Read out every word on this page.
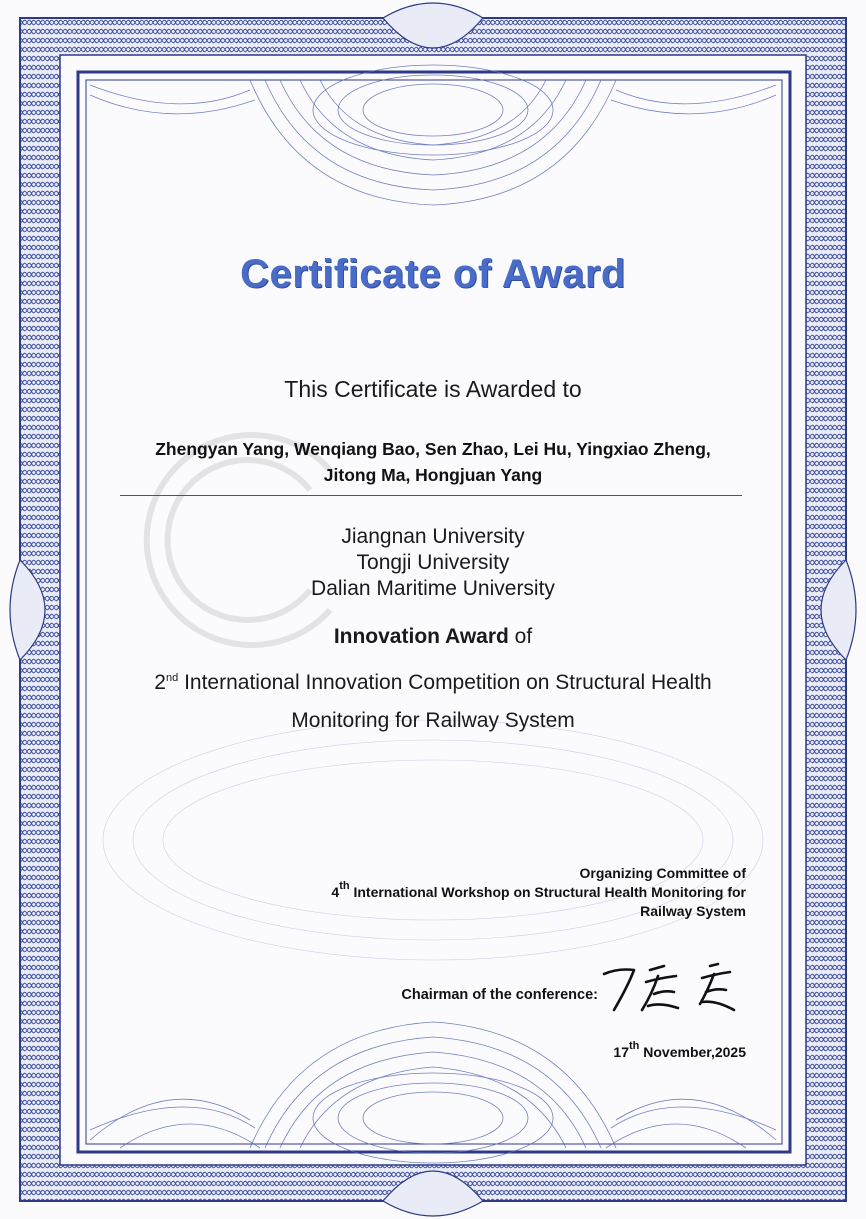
Certificate of Award
This Certificate is Awarded to
Zhengyan Yang, Wenqiang Bao, Sen Zhao, Lei Hu, Yingxiao Zheng,
Jitong Ma, Hongjuan Yang
Jiangnan University
Tongji University
Dalian Maritime University
Innovation Award of
2nd International Innovation Competition on Structural Health
Monitoring for Railway System
Organizing Committee of
4th International Workshop on Structural Health Monitoring for
Railway System
Chairman of the conference:
17th November,2025
